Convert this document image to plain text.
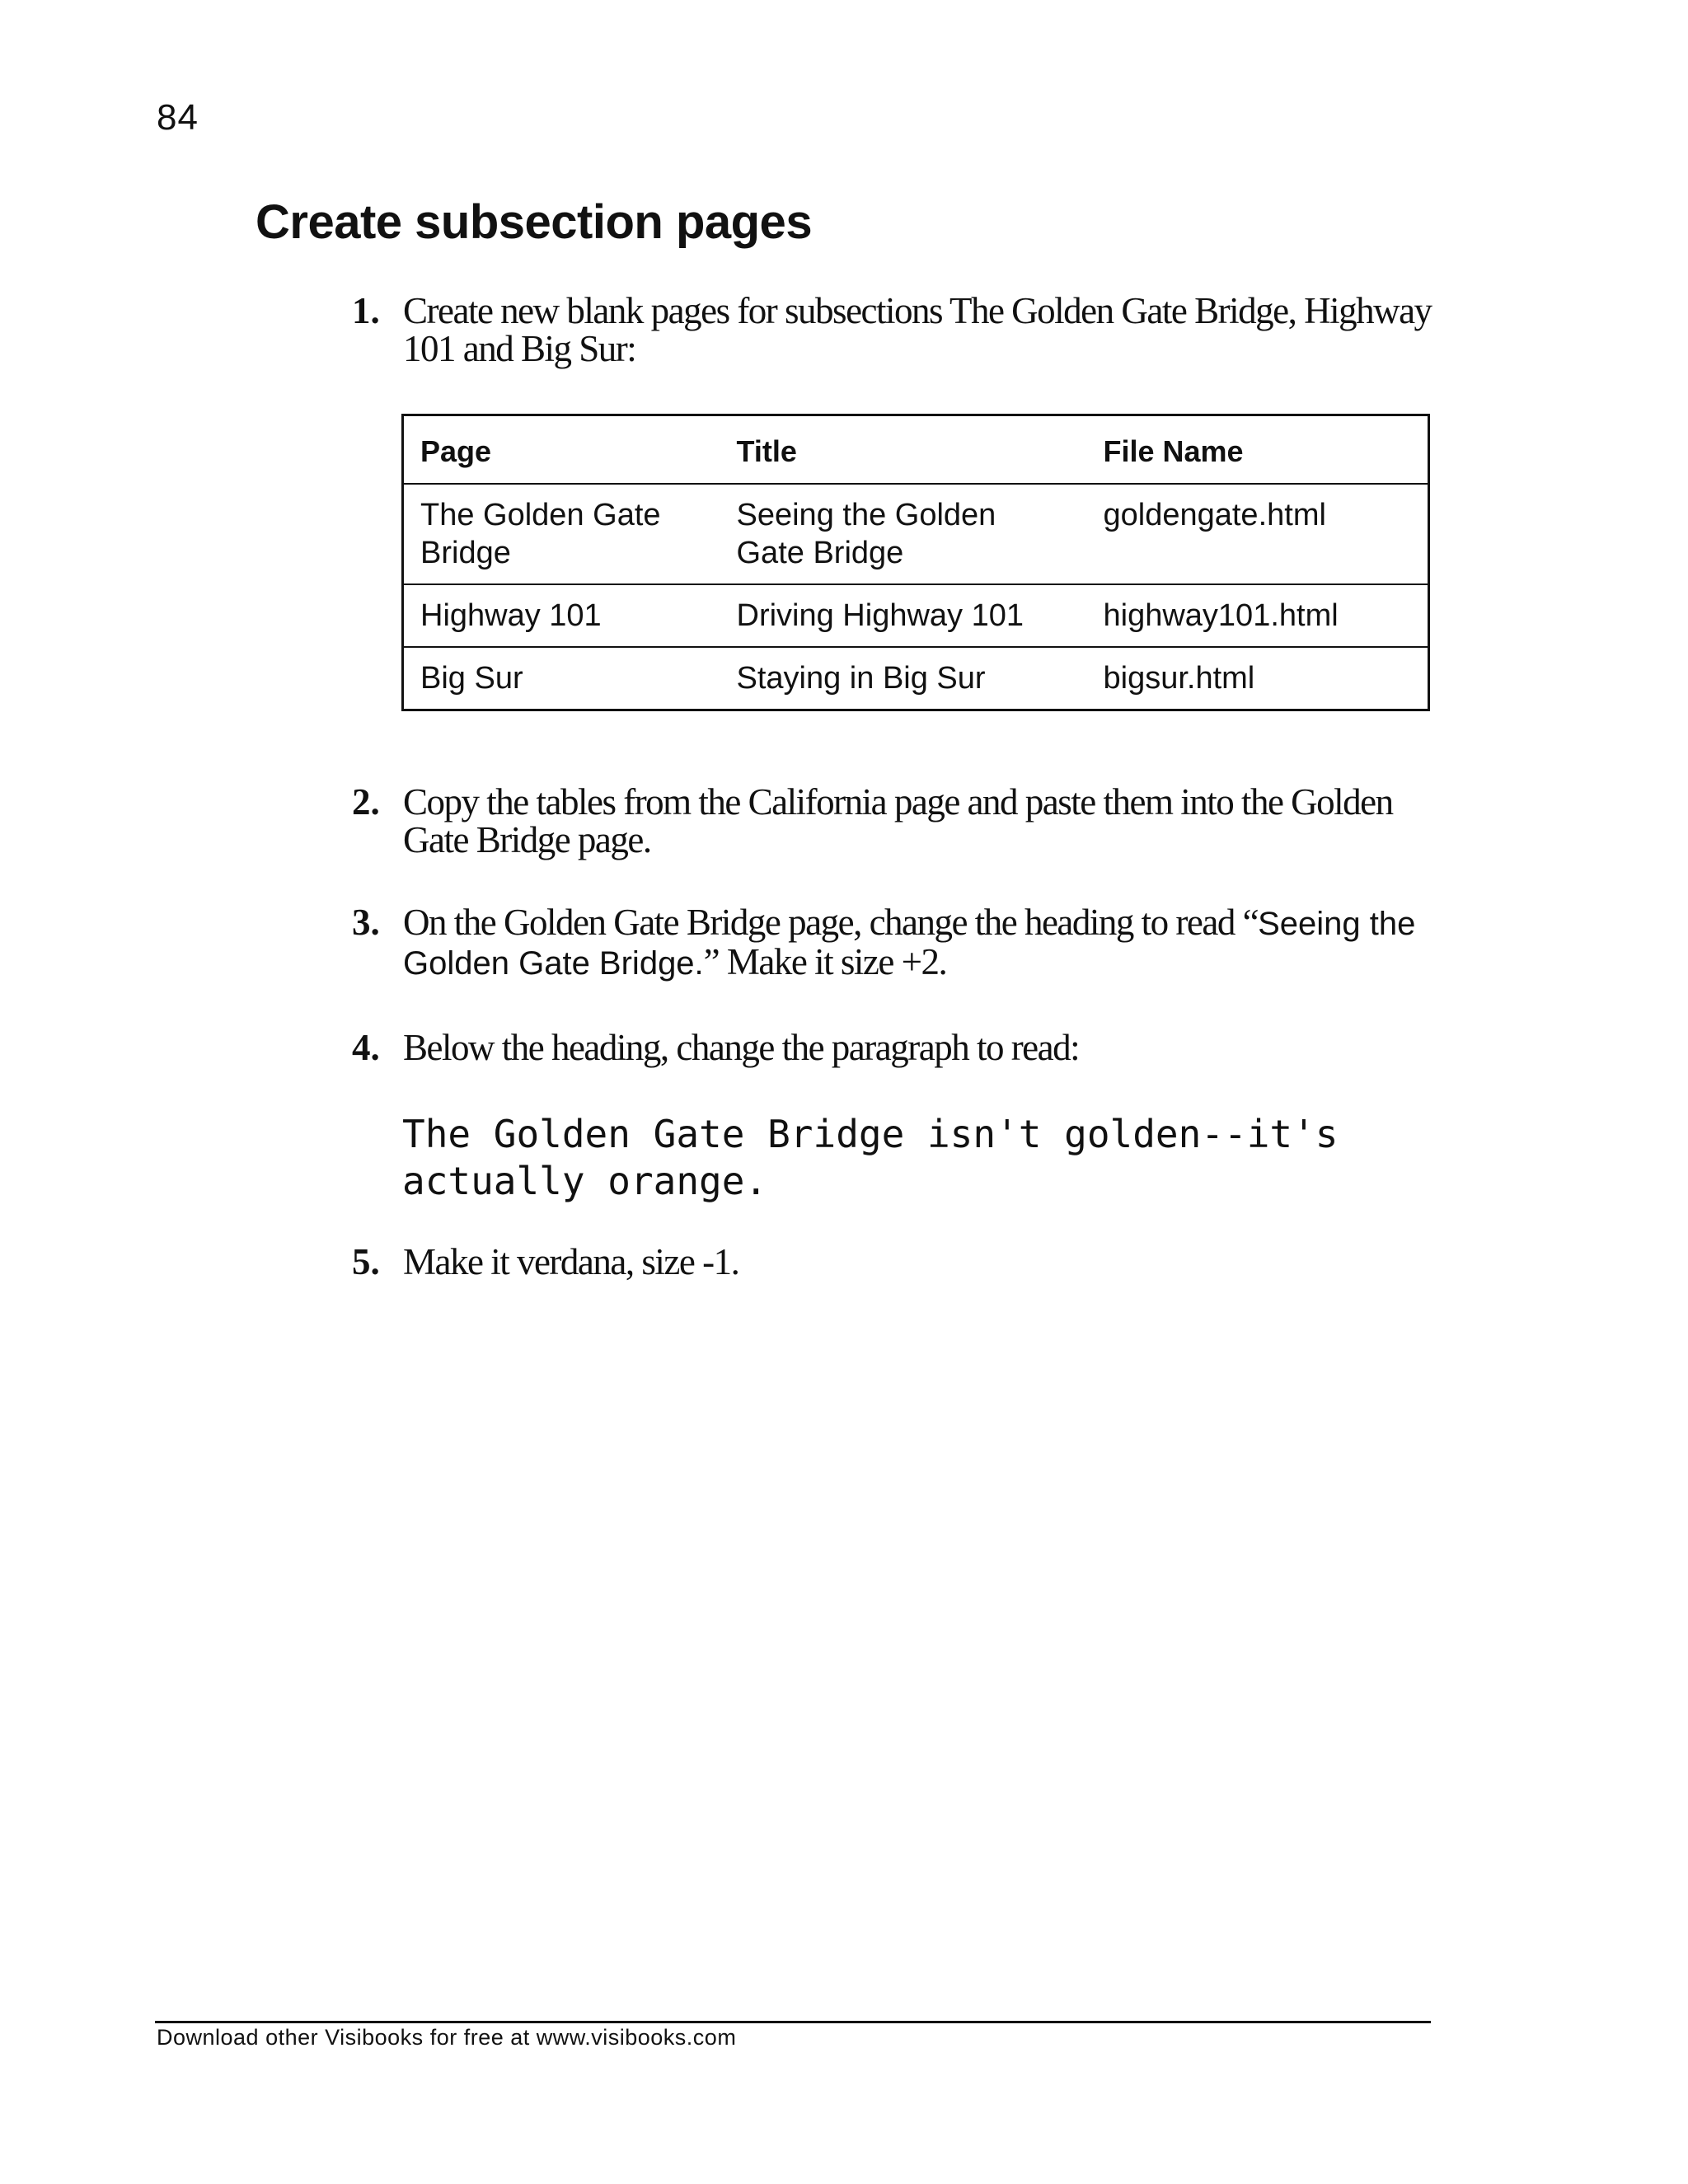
84
Create subsection pages
1. Create new blank pages for subsections The Golden Gate Bridge, Highway 101 and Big Sur:
Page	Title	File Name
The Golden Gate Bridge	Seeing the Golden Gate Bridge	goldengate.html
Highway 101	Driving Highway 101	highway101.html
Big Sur	Staying in Big Sur	bigsur.html
2. Copy the tables from the California page and paste them into the Golden Gate Bridge page.
3. On the Golden Gate Bridge page, change the heading to read “Seeing the Golden Gate Bridge.” Make it size +2.
4. Below the heading, change the paragraph to read:

The Golden Gate Bridge isn't golden--it's actually orange.

5. Make it verdana, size -1.
Download other Visibooks for free at www.visibooks.com
